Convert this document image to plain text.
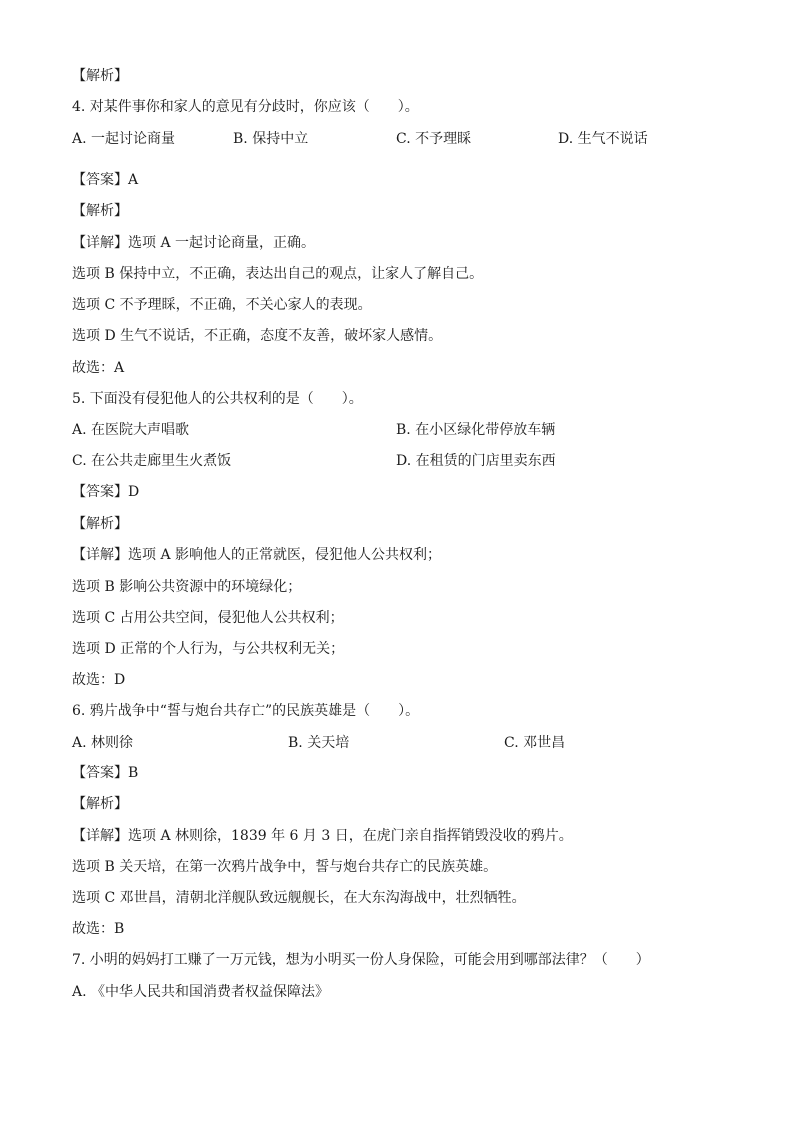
【解析】
4. 对某件事你和家人的意见有分歧时，你应该（　　）。
A. 一起讨论商量	B. 保持中立	C. 不予理睬	D. 生气不说话
【答案】A
【解析】
【详解】选项 A 一起讨论商量，正确。
选项 B 保持中立，不正确，表达出自己的观点，让家人了解自己。
选项 C 不予理睬，不正确，不关心家人的表现。
选项 D 生气不说话，不正确，态度不友善，破坏家人感情。
故选：A
5. 下面没有侵犯他人的公共权利的是（　　）。
A. 在医院大声唱歌	B. 在小区绿化带停放车辆
C. 在公共走廊里生火煮饭	D. 在租赁的门店里卖东西
【答案】D
【解析】
【详解】选项 A 影响他人的正常就医，侵犯他人公共权利；
选项 B 影响公共资源中的环境绿化；
选项 C 占用公共空间，侵犯他人公共权利；
选项 D 正常的个人行为，与公共权利无关；
故选：D
6. 鸦片战争中“誓与炮台共存亡”的民族英雄是（　　）。
A. 林则徐	B. 关天培	C. 邓世昌
【答案】B
【解析】
【详解】选项 A 林则徐，1839 年 6 月 3 日，在虎门亲自指挥销毁没收的鸦片。
选项 B 关天培，在第一次鸦片战争中，誓与炮台共存亡的民族英雄。
选项 C 邓世昌，清朝北洋舰队致远舰舰长，在大东沟海战中，壮烈牺牲。
故选：B
7. 小明的妈妈打工赚了一万元钱，想为小明买一份人身保险，可能会用到哪部法律？（　　）
A. 《中华人民共和国消费者权益保障法》
